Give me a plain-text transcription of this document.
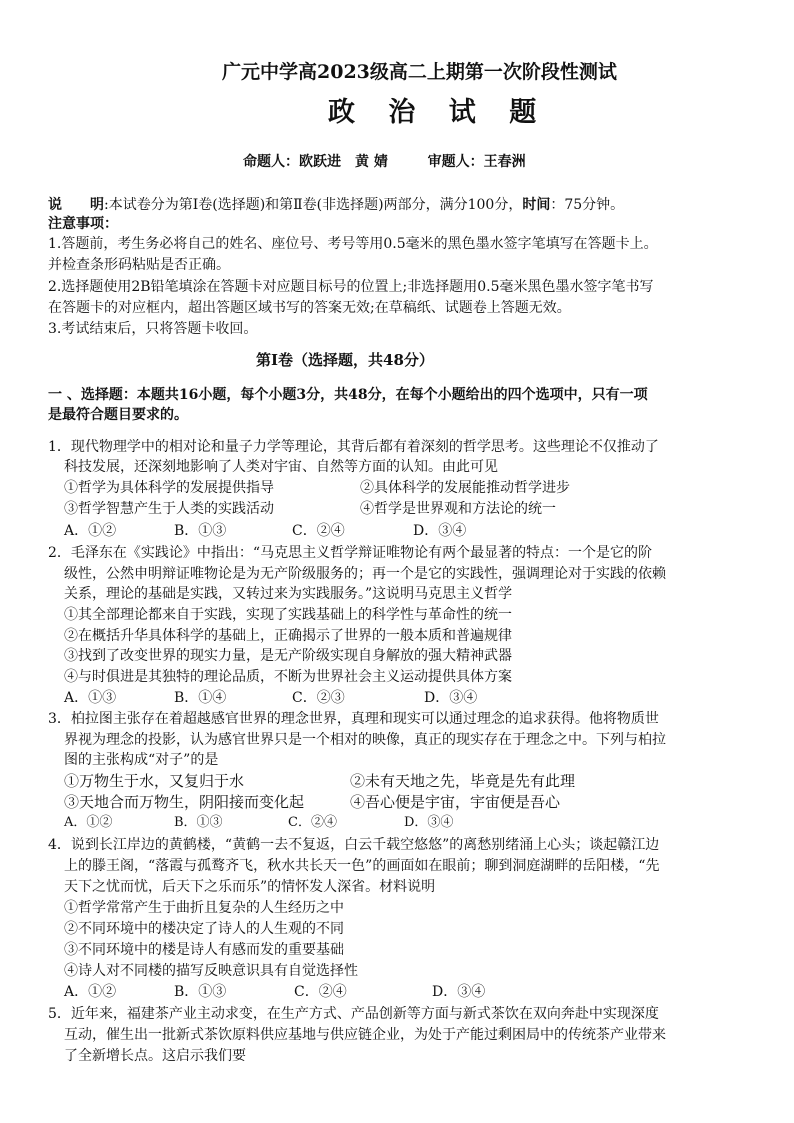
广元中学高2023级高二上期第一次阶段性测试
政 治 试 题
命题人：欧跃进　黄 婧	审题人：王春洲
说　　明:本试卷分为第Ⅰ卷(选择题)和第Ⅱ卷(非选择题)两部分，满分100分，时间：75分钟。
注意事项：
1.答题前，考生务必将自己的姓名、座位号、考号等用0.5毫米的黑色墨水签字笔填写在答题卡上。
并检查条形码粘贴是否正确。
2.选择题使用2B铅笔填涂在答题卡对应题目标号的位置上;非选择题用0.5毫米黑色墨水签字笔书写
在答题卡的对应框内，超出答题区域书写的答案无效;在草稿纸、试题卷上答题无效。
3.考试结束后，只将答题卡收回。
第Ⅰ卷（选择题，共48分）
一 、选择题：本题共16小题，每个小题3分，共48分，在每个小题给出的四个选项中，只有一项
是最符合题目要求的。
1．现代物理学中的相对论和量子力学等理论，其背后都有着深刻的哲学思考。这些理论不仅推动了
科技发展，还深刻地影响了人类对宇宙、自然等方面的认知。由此可见
①哲学为具体科学的发展提供指导	②具体科学的发展能推动哲学进步
③哲学智慧产生于人类的实践活动	④哲学是世界观和方法论的统一
A．①②	B．①③	C．②④	D．③④
2．毛泽东在《实践论》中指出：“马克思主义哲学辩证唯物论有两个最显著的特点：一个是它的阶
级性，公然申明辩证唯物论是为无产阶级服务的；再一个是它的实践性，强调理论对于实践的依赖
关系，理论的基础是实践，又转过来为实践服务。”这说明马克思主义哲学
①其全部理论都来自于实践，实现了实践基础上的科学性与革命性的统一
②在概括升华具体科学的基础上，正确揭示了世界的一般本质和普遍规律
③找到了改变世界的现实力量，是无产阶级实现自身解放的强大精神武器
④与时俱进是其独特的理论品质，不断为世界社会主义运动提供具体方案
A．①③	B．①④	C．②③	D．③④
3．柏拉图主张存在着超越感官世界的理念世界，真理和现实可以通过理念的追求获得。他将物质世
界视为理念的投影，认为感官世界只是一个相对的映像，真正的现实存在于理念之中。下列与柏拉
图的主张构成“对子”的是
①万物生于水，又复归于水	②未有天地之先，毕竟是先有此理
③天地合而万物生，阴阳接而变化起	④吾心便是宇宙，宇宙便是吾心
A．①②	B．①③	C．②④	D．③④
4．说到长江岸边的黄鹤楼，“黄鹤一去不复返，白云千载空悠悠”的离愁别绪涌上心头；谈起赣江边
上的滕王阁，“落霞与孤鹜齐飞，秋水共长天一色”的画面如在眼前；聊到洞庭湖畔的岳阳楼，“先
天下之忧而忧，后天下之乐而乐”的情怀发人深省。材料说明
①哲学常常产生于曲折且复杂的人生经历之中
②不同环境中的楼决定了诗人的人生观的不同
③不同环境中的楼是诗人有感而发的重要基础
④诗人对不同楼的描写反映意识具有自觉选择性
A．①②	B．①③	C．②④	D．③④
5．近年来，福建茶产业主动求变，在生产方式、产品创新等方面与新式茶饮在双向奔赴中实现深度
互动，催生出一批新式茶饮原料供应基地与供应链企业，为处于产能过剩困局中的传统茶产业带来
了全新增长点。这启示我们要
